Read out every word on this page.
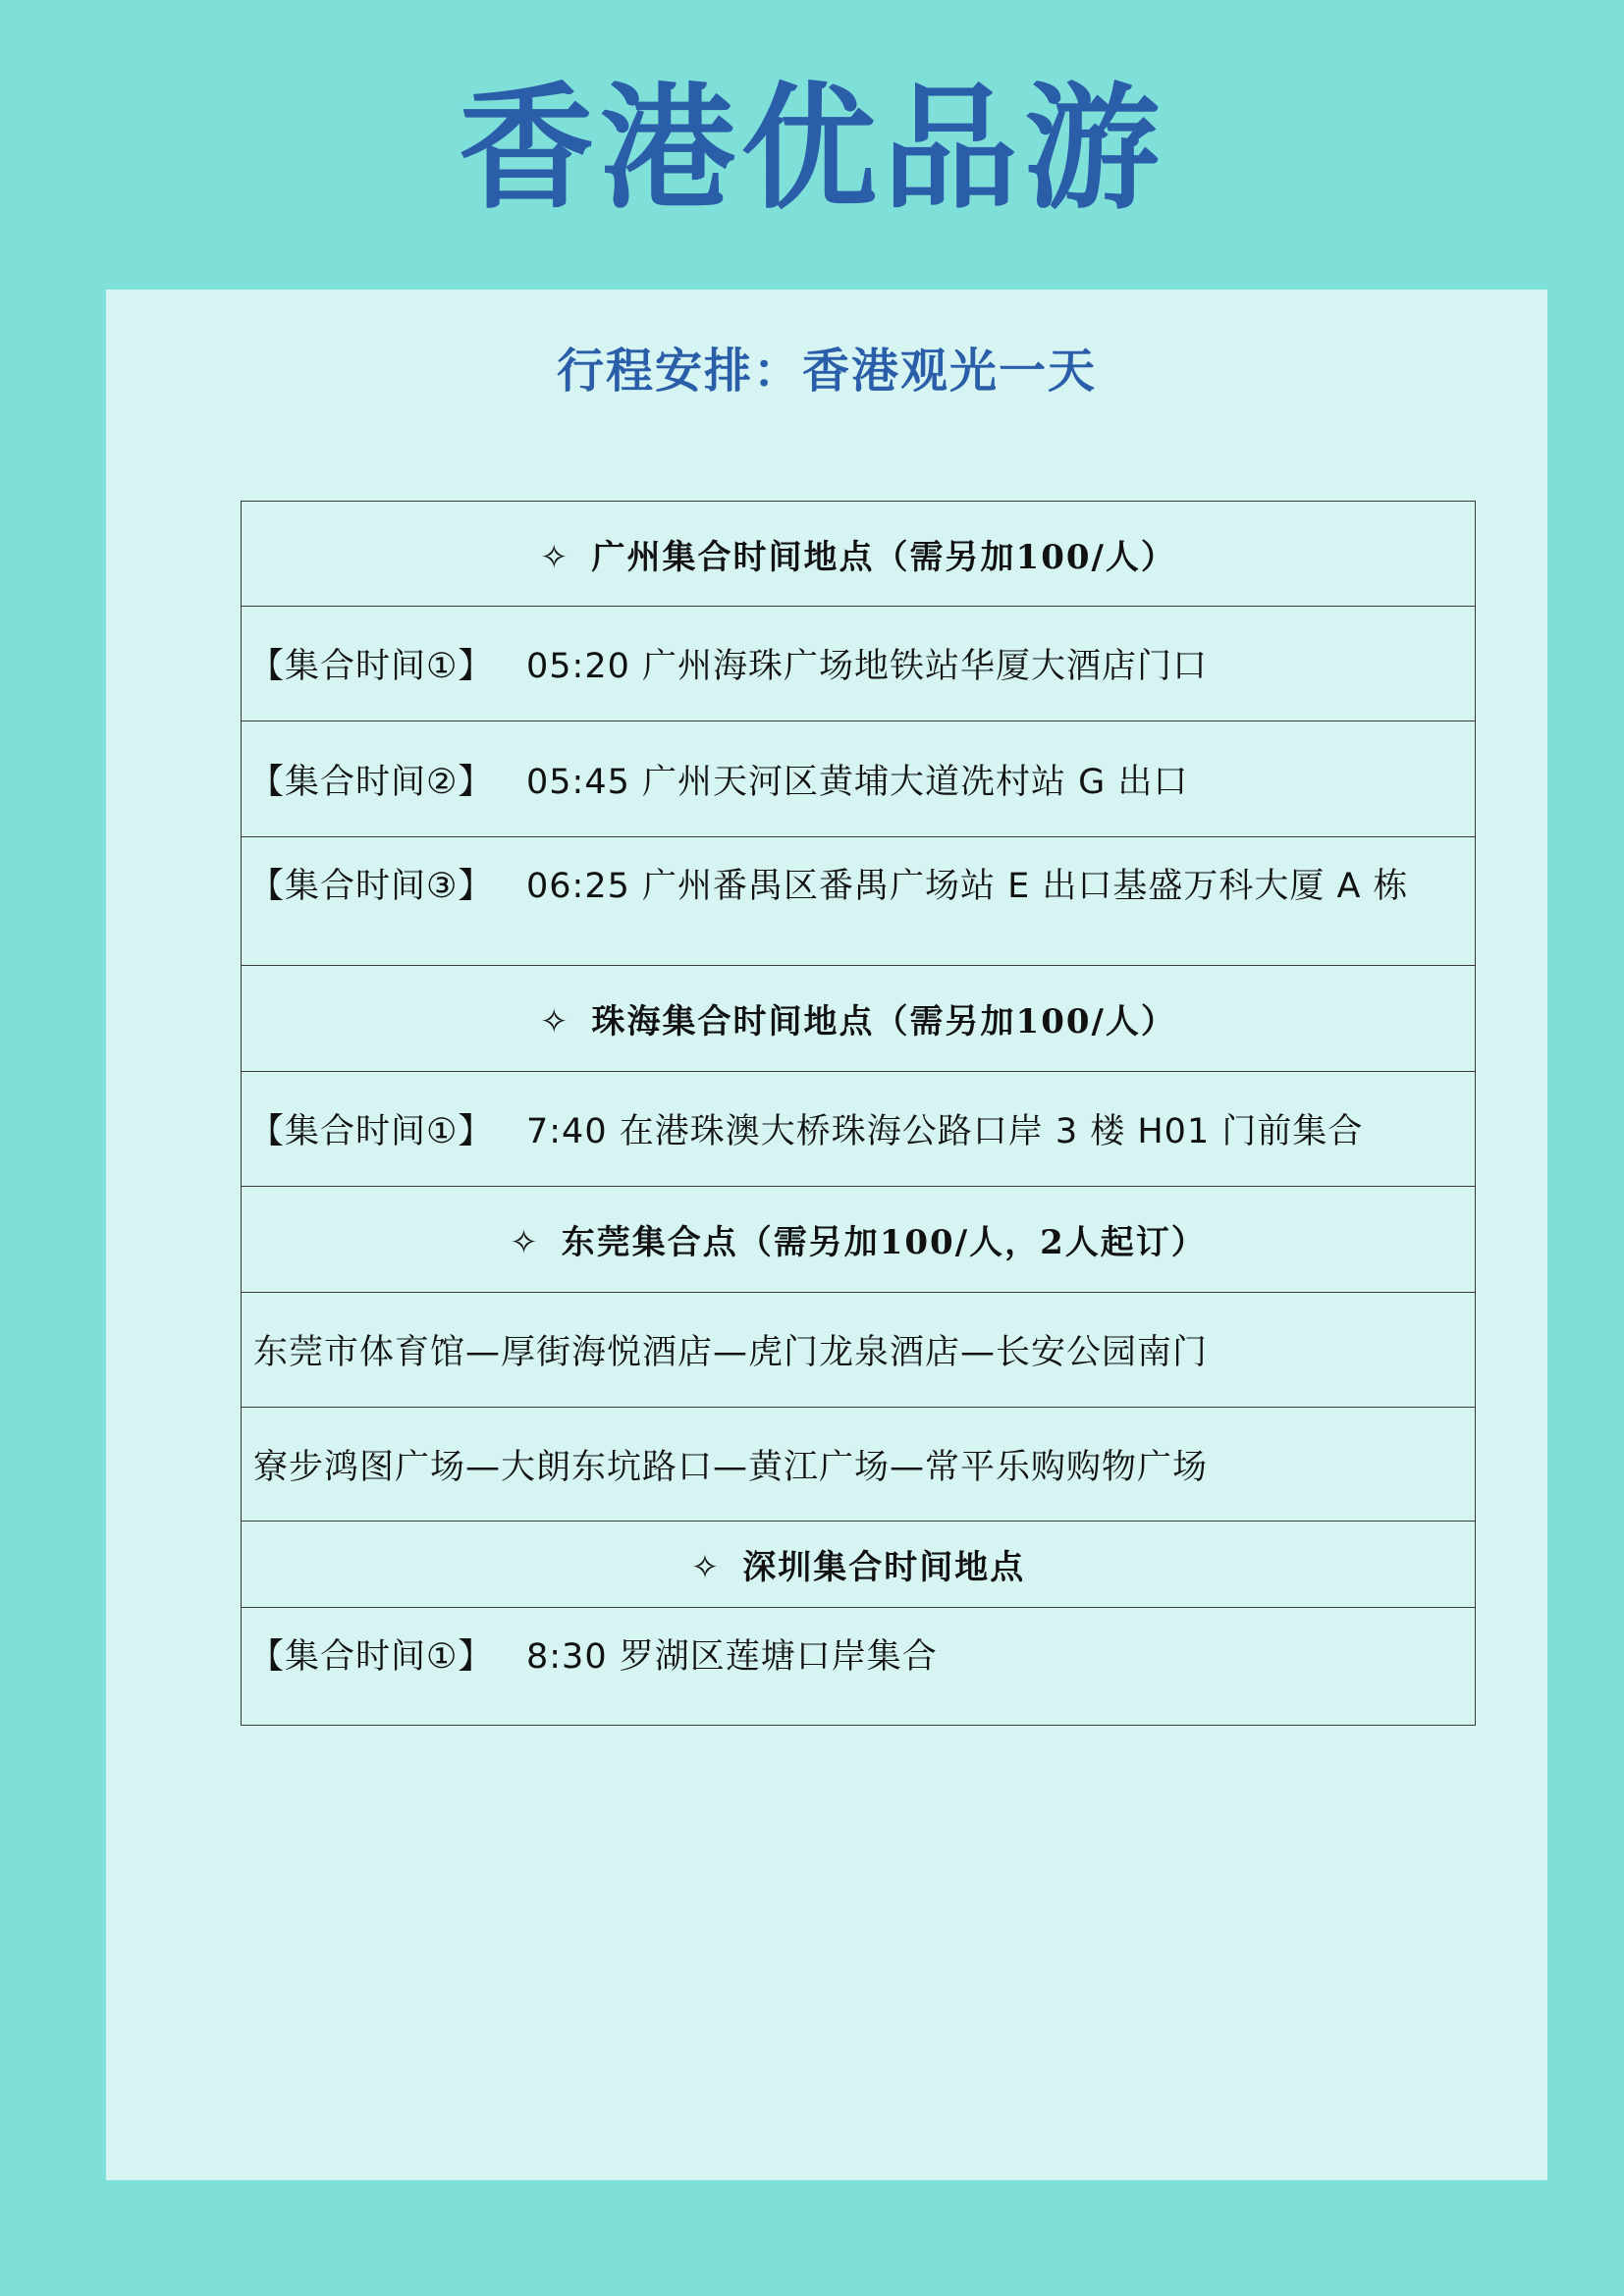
香港优品游
行程安排：香港观光一天
✧ 广州集合时间地点（需另加100/人）
【集合时间①】 05:20 广州海珠广场地铁站华厦大酒店门口
【集合时间②】 05:45 广州天河区黄埔大道冼村站 G 出口
【集合时间③】 06:25 广州番禺区番禺广场站 E 出口基盛万科大厦 A 栋
✧ 珠海集合时间地点（需另加100/人）
【集合时间①】 7:40 在港珠澳大桥珠海公路口岸 3 楼 H01 门前集合
✧ 东莞集合点（需另加100/人，2人起订）
东莞市体育馆—厚街海悦酒店—虎门龙泉酒店—长安公园南门
寮步鸿图广场—大朗东坑路口—黄江广场—常平乐购购物广场
✧ 深圳集合时间地点
【集合时间①】 8:30 罗湖区莲塘口岸集合
